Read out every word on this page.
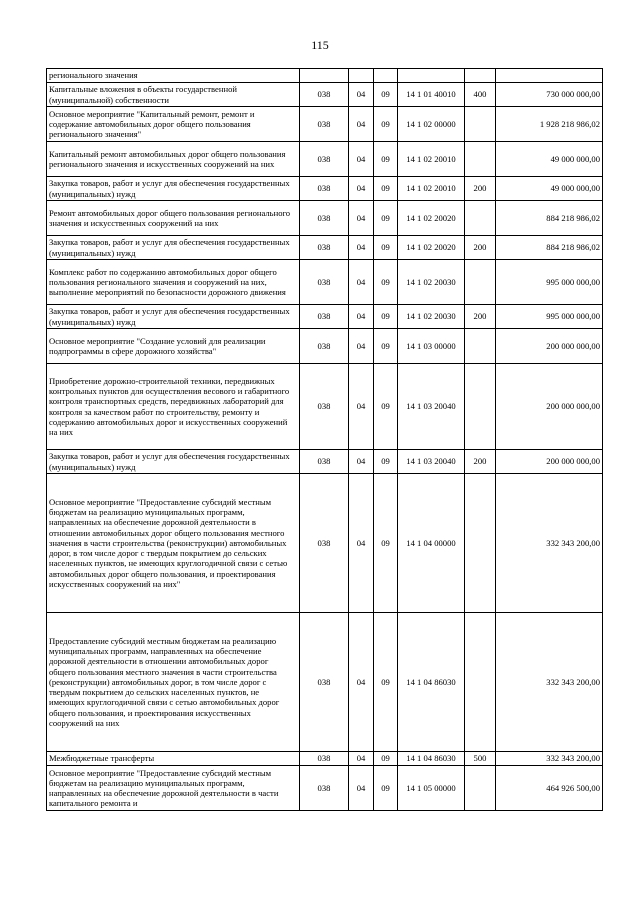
115
регионального значения						
Капитальные вложения в объекты государственной (муниципальной) собственности	038	04	09	14 1 01 40010	400	730 000 000,00
Основное мероприятие "Капитальный ремонт, ремонт и содержание автомобильных дорог общего пользования регионального значения"	038	04	09	14 1 02 00000		1 928 218 986,02
Капитальный ремонт автомобильных дорог общего пользования регионального значения и искусственных сооружений на них	038	04	09	14 1 02 20010		49 000 000,00
Закупка товаров, работ и услуг для обеспечения государственных (муниципальных) нужд	038	04	09	14 1 02 20010	200	49 000 000,00
Ремонт автомобильных дорог общего пользования регионального значения и искусственных сооружений на них	038	04	09	14 1 02 20020		884 218 986,02
Закупка товаров, работ и услуг для обеспечения государственных (муниципальных) нужд	038	04	09	14 1 02 20020	200	884 218 986,02
Комплекс работ по содержанию автомобильных дорог общего пользования регионального значения и сооружений на них, выполнение мероприятий по безопасности дорожного движения	038	04	09	14 1 02 20030		995 000 000,00
Закупка товаров, работ и услуг для обеспечения государственных (муниципальных) нужд	038	04	09	14 1 02 20030	200	995 000 000,00
Основное мероприятие "Создание условий для реализации подпрограммы в сфере дорожного хозяйства"	038	04	09	14 1 03 00000		200 000 000,00
Приобретение дорожно-строительной техники, передвижных контрольных пунктов для осуществления весового и габаритного контроля транспортных средств, передвижных лабораторий для контроля за качеством работ по строительству, ремонту и содержанию автомобильных дорог и искусственных сооружений на них	038	04	09	14 1 03 20040		200 000 000,00
Закупка товаров, работ и услуг для обеспечения государственных (муниципальных) нужд	038	04	09	14 1 03 20040	200	200 000 000,00
Основное мероприятие "Предоставление субсидий местным бюджетам на реализацию муниципальных программ, направленных на обеспечение дорожной деятельности в отношении автомобильных дорог общего пользования местного значения в части строительства (реконструкции) автомобильных дорог, в том числе дорог с твердым покрытием до сельских населенных пунктов, не имеющих круглогодичной связи с сетью автомобильных дорог общего пользования, и проектирования искусственных сооружений на них"	038	04	09	14 1 04 00000		332 343 200,00
Предоставление субсидий местным бюджетам на реализацию муниципальных программ, направленных на обеспечение дорожной деятельности в отношении автомобильных дорог общего пользования местного значения в части строительства (реконструкции) автомобильных дорог, в том числе дорог с твердым покрытием до сельских населенных пунктов, не имеющих круглогодичной связи с сетью автомобильных дорог общего пользования, и проектирования искусственных сооружений на них	038	04	09	14 1 04 86030		332 343 200,00
Межбюджетные трансферты	038	04	09	14 1 04 86030	500	332 343 200,00
Основное мероприятие "Предоставление субсидий местным бюджетам на реализацию муниципальных программ, направленных на обеспечение дорожной деятельности в части капитального ремонта и	038	04	09	14 1 05 00000		464 926 500,00
